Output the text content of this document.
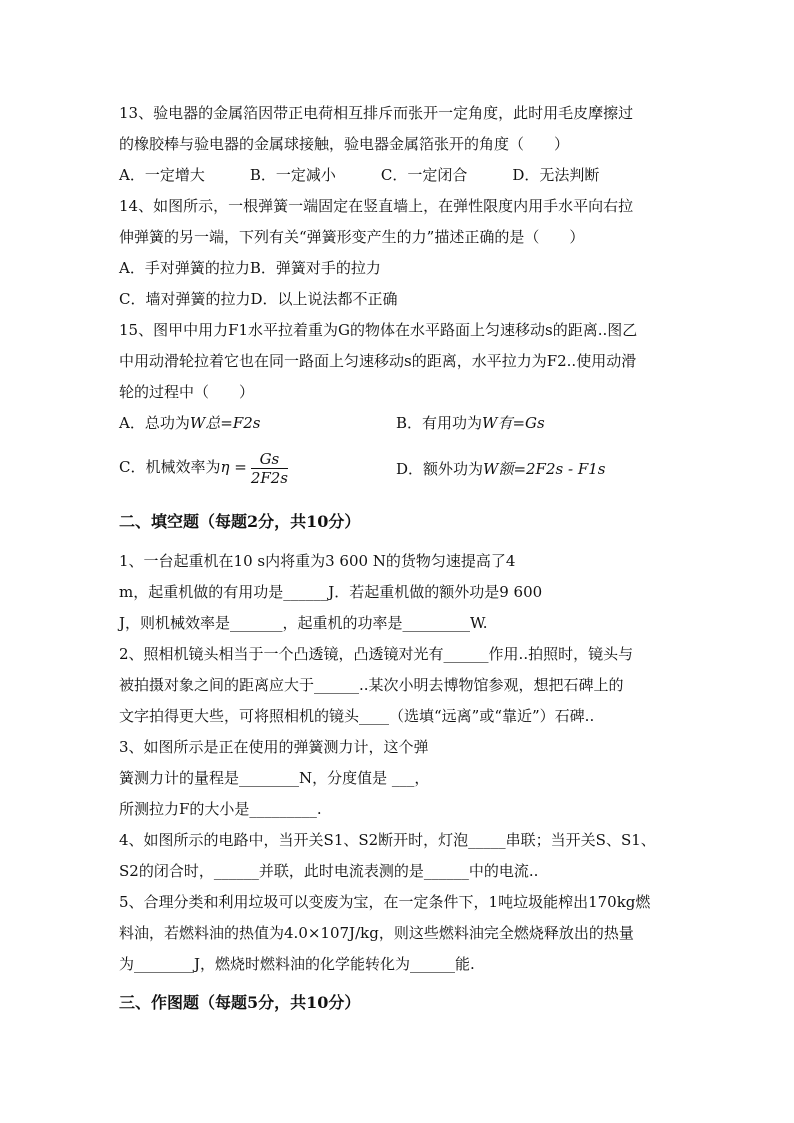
13、验电器的金属箔因带正电荷相互排斥而张开一定角度，此时用毛皮摩擦过
的橡胶棒与验电器的金属球接触，验电器金属箔张开的角度（　　）
A．一定增大　　　B．一定减小　　　C．一定闭合　　　D．无法判断
14、如图所示，一根弹簧一端固定在竖直墙上，在弹性限度内用手水平向右拉
伸弹簧的另一端，下列有关“弹簧形变产生的力”描述正确的是（　　）
A．手对弹簧的拉力B．弹簧对手的拉力
C．墙对弹簧的拉力D．以上说法都不正确
15、图甲中用力F1水平拉着重为G的物体在水平路面上匀速移动s的距离..图乙
中用动滑轮拉着它也在同一路面上匀速移动s的距离，水平拉力为F2..使用动滑
轮的过程中（　　）
A．总功为W总=F2s	B．有用功为W有=Gs
C．机械效率为$\eta = \frac{Gs}{2F2s}$	D．额外功为W额=2F2s - F1s
二、填空题（每题2分，共10分）
1、一台起重机在10 s内将重为3 600 N的货物匀速提高了4
m，起重机做的有用功是______J．若起重机做的额外功是9 600
J，则机械效率是_______，起重机的功率是_________W.
2、照相机镜头相当于一个凸透镜，凸透镜对光有______作用..拍照时，镜头与
被拍摄对象之间的距离应大于______..某次小明去博物馆参观，想把石碑上的
文字拍得更大些，可将照相机的镜头____（选填“远离”或“靠近”）石碑..
3、如图所示是正在使用的弹簧测力计，这个弹
簧测力计的量程是________N，分度值是 ___，
所测拉力F的大小是_________.
4、如图所示的电路中，当开关S1、S2断开时，灯泡_____串联；当开关S、S1、
S2的闭合时，______并联，此时电流表测的是______中的电流..
5、合理分类和利用垃圾可以变废为宝，在一定条件下，1吨垃圾能榨出170kg燃
料油，若燃料油的热值为4.0×107J/kg，则这些燃料油完全燃烧释放出的热量
为________J，燃烧时燃料油的化学能转化为______能.
三、作图题（每题5分，共10分）
